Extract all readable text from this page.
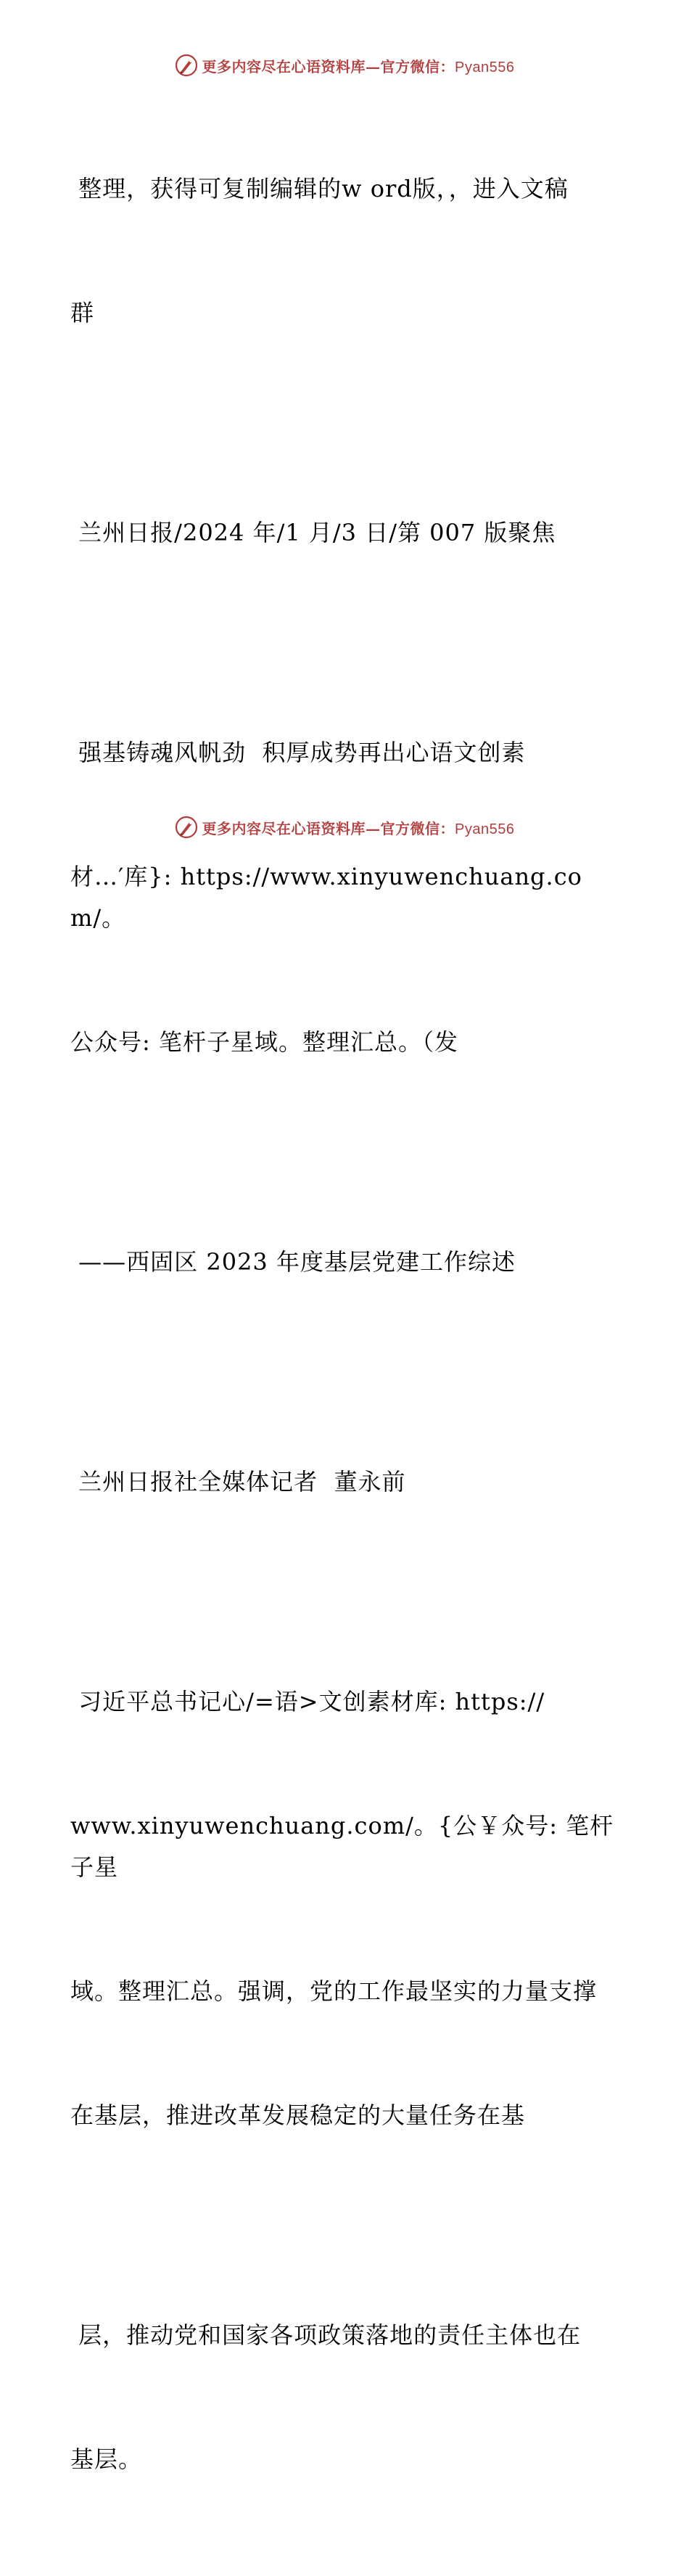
更多内容尽在心语资料库—官方微信：Pyan556

整理，获得可复制编辑的w ord版，，进入文稿

群

兰州日报/2024 年/1 月/3 日/第 007 版聚焦

强基铸魂风帆劲  积厚成势再出心语文创素

材…′库}: https://www.xinyuwenchuang.com/。

公众号: 笔杆子星域。整理汇总。（发

——西固区 2023 年度基层党建工作综述

兰州日报社全媒体记者  董永前

习近平总书记心/=语>文创素材库: https://

www.xinyuwenchuang.com/。{公￥众号: 笔杆子星

域。整理汇总。强调，党的工作最坚实的力量支撑

在基层，推进改革发展稳定的大量任务在基

层，推动党和国家各项政策落地的责任主体也在

基层。

更多内容尽在心语资料库—官方微信：Pyan556
